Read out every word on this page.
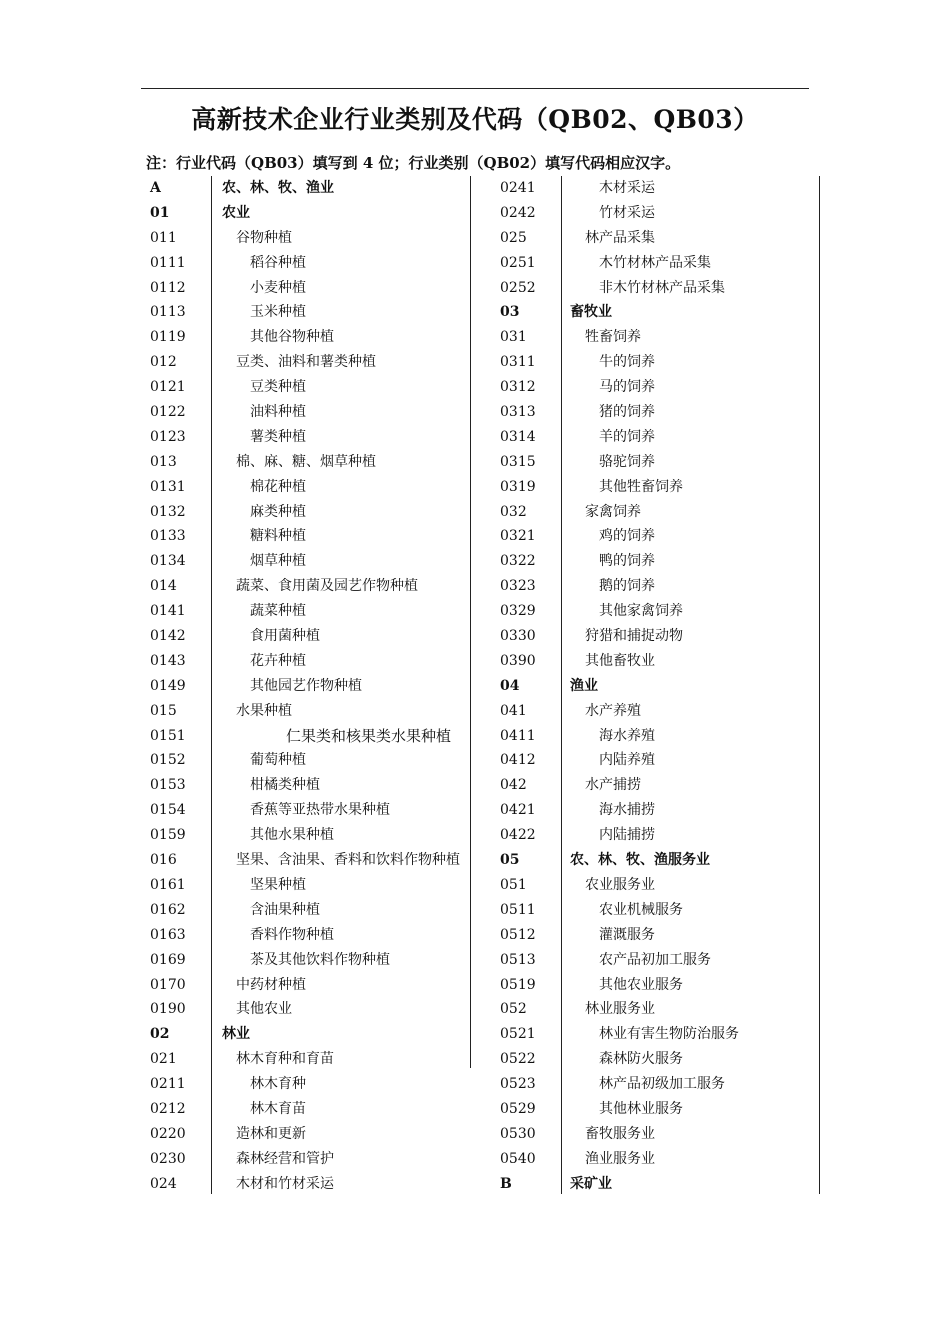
高新技术企业行业类别及代码（QB02、QB03）
注：行业代码（QB03）填写到 4 位；行业类别（QB02）填写代码相应汉字。
A	农、林、牧、渔业
01	农业
011	谷物种植
0111	稻谷种植
0112	小麦种植
0113	玉米种植
0119	其他谷物种植
012	豆类、油料和薯类种植
0121	豆类种植
0122	油料种植
0123	薯类种植
013	棉、麻、糖、烟草种植
0131	棉花种植
0132	麻类种植
0133	糖料种植
0134	烟草种植
014	蔬菜、食用菌及园艺作物种植
0141	蔬菜种植
0142	食用菌种植
0143	花卉种植
0149	其他园艺作物种植
015	水果种植
0151	仁果类和核果类水果种植
0152	葡萄种植
0153	柑橘类种植
0154	香蕉等亚热带水果种植
0159	其他水果种植
016	坚果、含油果、香料和饮料作物种植
0161	坚果种植
0162	含油果种植
0163	香料作物种植
0169	茶及其他饮料作物种植
0170	中药材种植
0190	其他农业
02	林业
021	林木育种和育苗
0211	林木育种
0212	林木育苗
0220	造林和更新
0230	森林经营和管护
024	木材和竹材采运
0241	木材采运
0242	竹材采运
025	林产品采集
0251	木竹材林产品采集
0252	非木竹材林产品采集
03	畜牧业
031	牲畜饲养
0311	牛的饲养
0312	马的饲养
0313	猪的饲养
0314	羊的饲养
0315	骆驼饲养
0319	其他牲畜饲养
032	家禽饲养
0321	鸡的饲养
0322	鸭的饲养
0323	鹅的饲养
0329	其他家禽饲养
0330	狩猎和捕捉动物
0390	其他畜牧业
04	渔业
041	水产养殖
0411	海水养殖
0412	内陆养殖
042	水产捕捞
0421	海水捕捞
0422	内陆捕捞
05	农、林、牧、渔服务业
051	农业服务业
0511	农业机械服务
0512	灌溉服务
0513	农产品初加工服务
0519	其他农业服务
052	林业服务业
0521	林业有害生物防治服务
0522	森林防火服务
0523	林产品初级加工服务
0529	其他林业服务
0530	畜牧服务业
0540	渔业服务业
B	采矿业
